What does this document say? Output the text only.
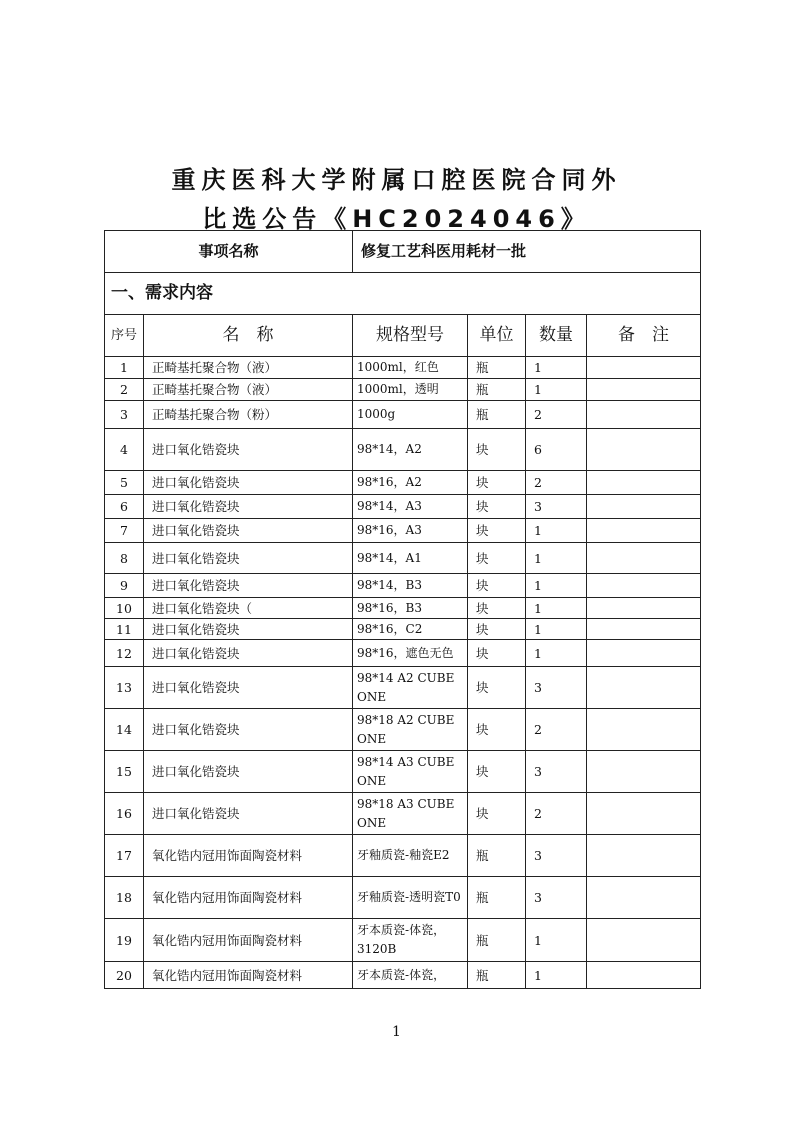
重庆医科大学附属口腔医院合同外
比选公告《HC2024046》
事项名称		修复工艺科医用耗材一批			
一、需求内容					
序号	名　称	规格型号	单位	数量	备　注
1	正畸基托聚合物（液）	1000ml，红色	瓶	1	
2	正畸基托聚合物（液）	1000ml，透明	瓶	1	
3	正畸基托聚合物（粉）	1000g	瓶	2	
4	进口氧化锆瓷块	98*14，A2	块	6	
5	进口氧化锆瓷块	98*16，A2	块	2	
6	进口氧化锆瓷块	98*14，A3	块	3	
7	进口氧化锆瓷块	98*16，A3	块	1	
8	进口氧化锆瓷块	98*14，A1	块	1	
9	进口氧化锆瓷块	98*14，B3	块	1	
10	进口氧化锆瓷块（	98*16，B3	块	1	
11	进口氧化锆瓷块	98*16，C2	块	1	
12	进口氧化锆瓷块	98*16，遮色无色	块	1	
13	进口氧化锆瓷块	98*14 A2 CUBE ONE	块	3	
14	进口氧化锆瓷块	98*18 A2 CUBE ONE	块	2	
15	进口氧化锆瓷块	98*14 A3 CUBE ONE	块	3	
16	进口氧化锆瓷块	98*18 A3 CUBE ONE	块	2	
17	氧化锆内冠用饰面陶瓷材料	牙釉质瓷-釉瓷E2	瓶	3	
18	氧化锆内冠用饰面陶瓷材料	牙釉质瓷-透明瓷T0	瓶	3	
19	氧化锆内冠用饰面陶瓷材料	牙本质瓷-体瓷，3120B	瓶	1	
20	氧化锆内冠用饰面陶瓷材料	牙本质瓷-体瓷，	瓶	1	
1
